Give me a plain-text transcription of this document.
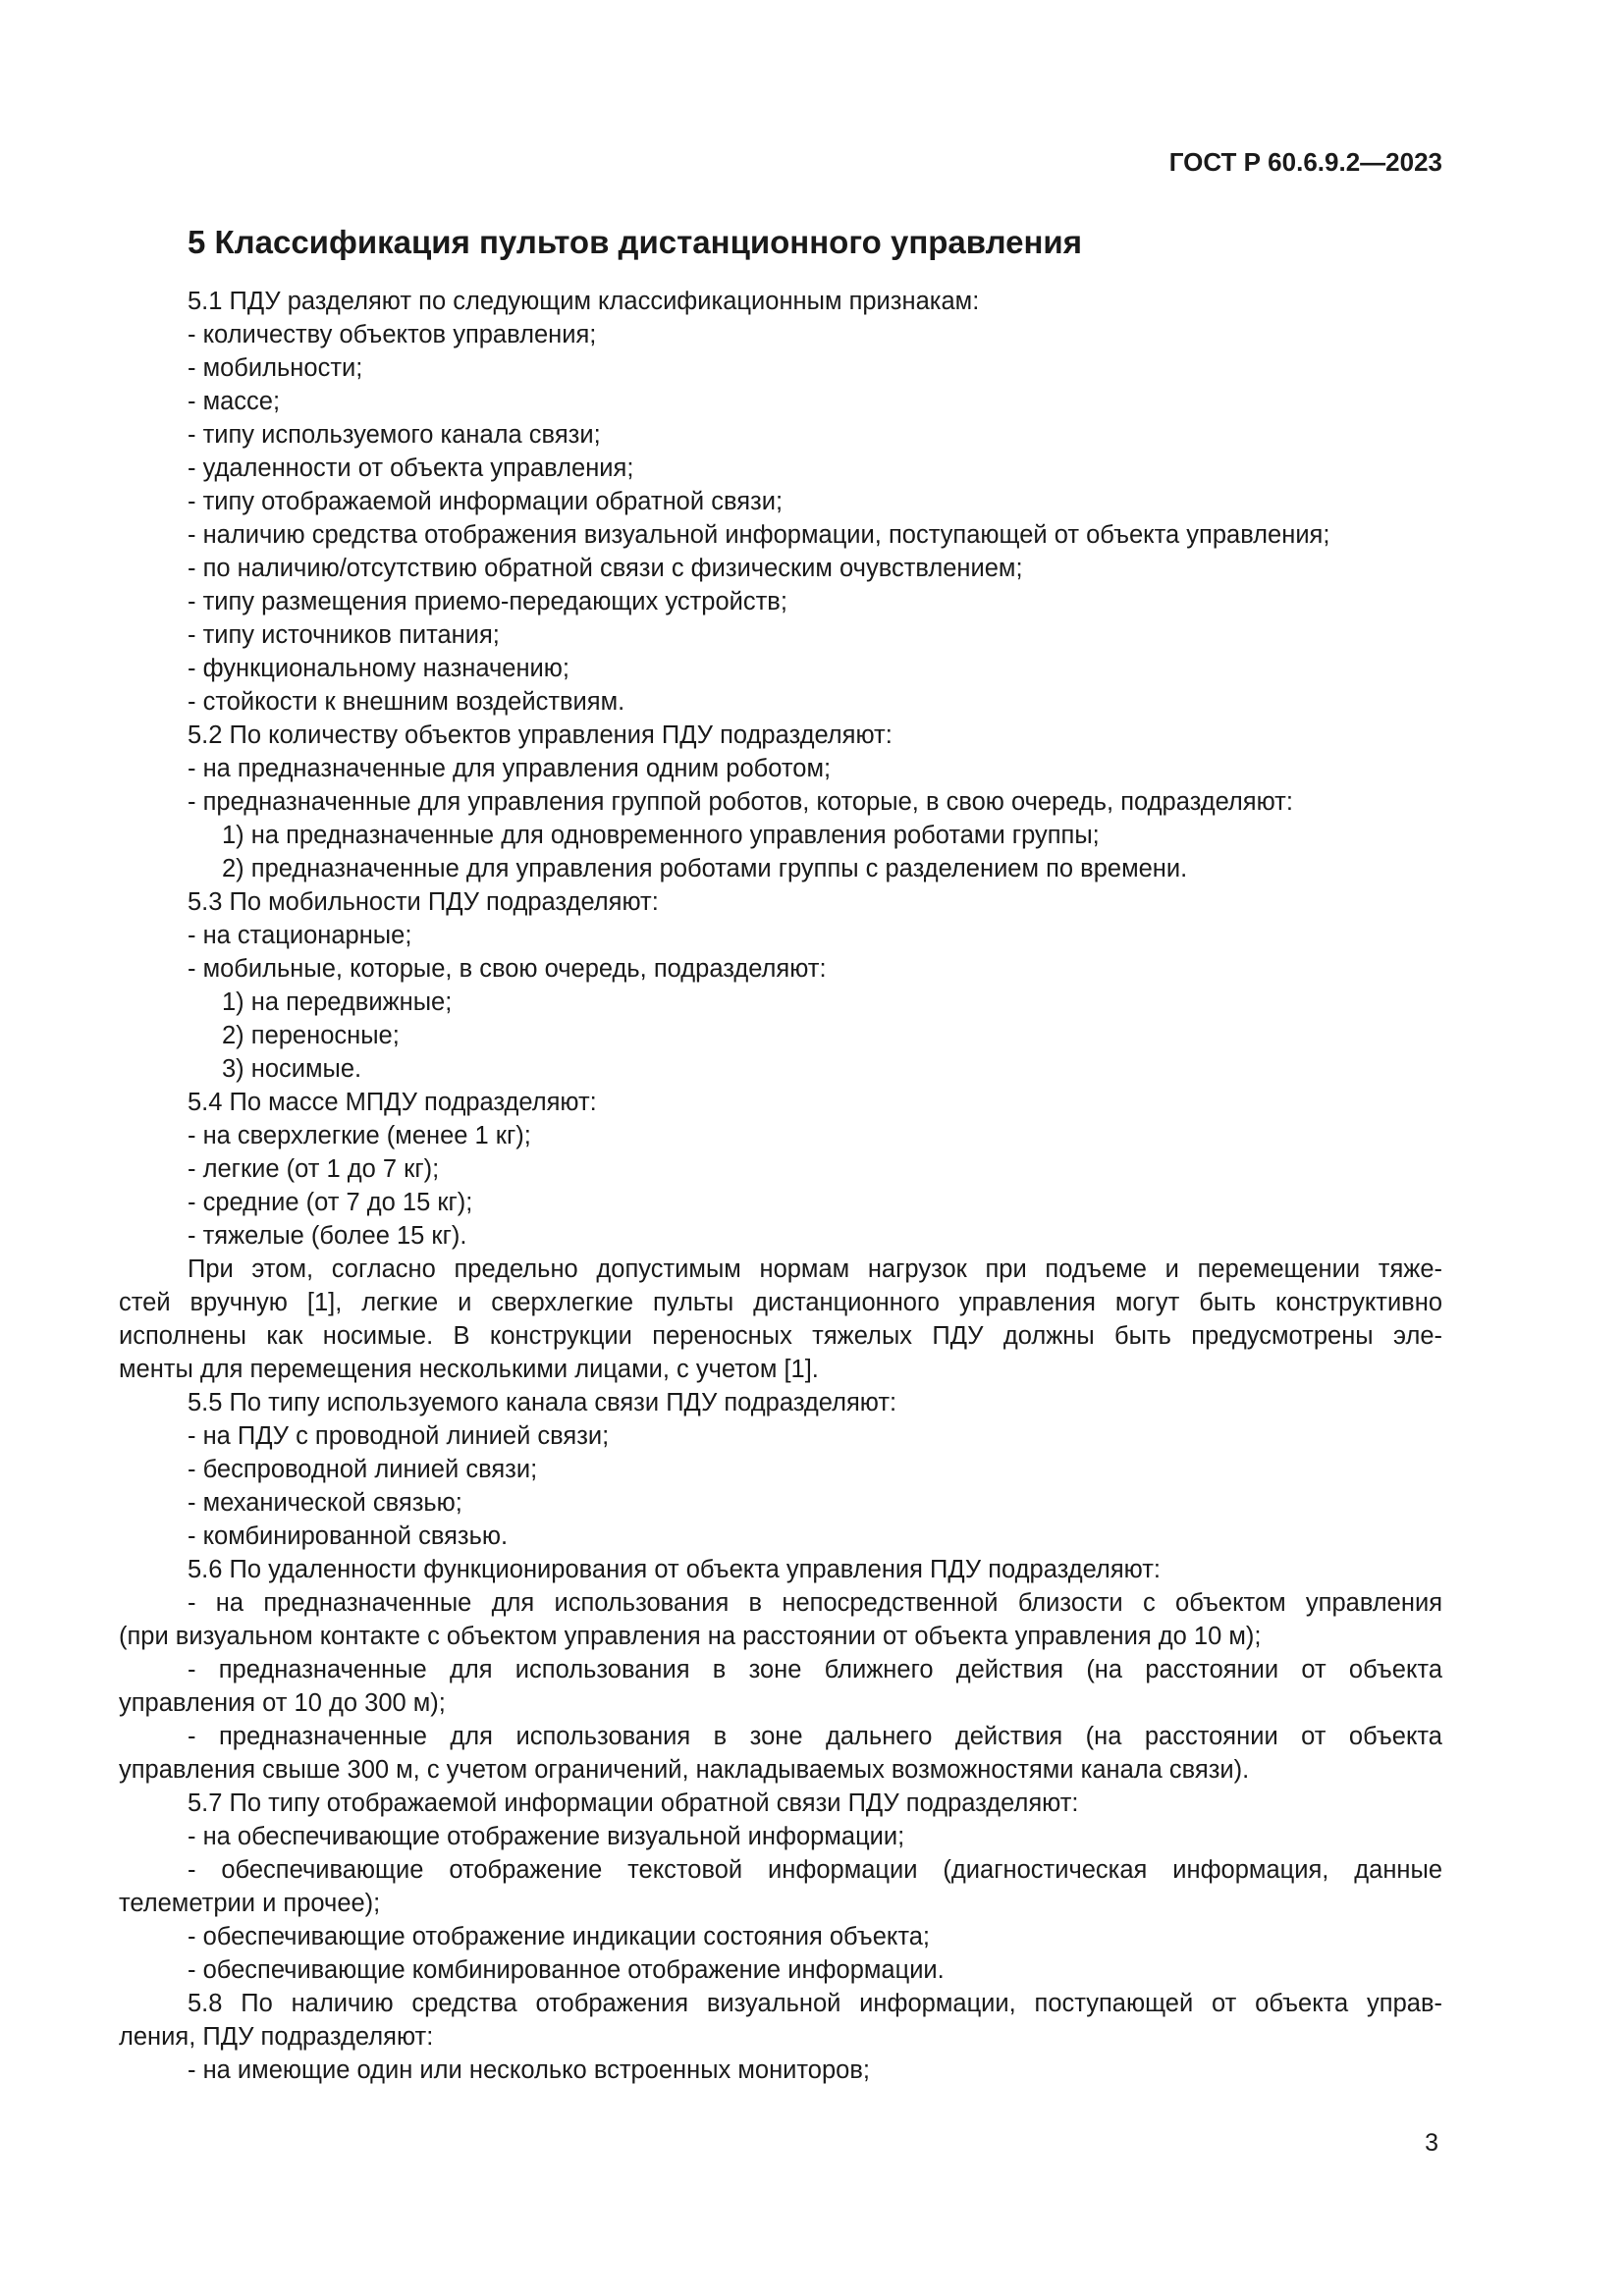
ГОСТ Р 60.6.9.2—2023
5 Классификация пультов дистанционного управления
5.1 ПДУ разделяют по следующим классификационным признакам:
- количеству объектов управления;
- мобильности;
- массе;
- типу используемого канала связи;
- удаленности от объекта управления;
- типу отображаемой информации обратной связи;
- наличию средства отображения визуальной информации, поступающей от объекта управления;
- по наличию/отсутствию обратной связи с физическим очувствлением;
- типу размещения приемо-передающих устройств;
- типу источников питания;
- функциональному назначению;
- стойкости к внешним воздействиям.
5.2 По количеству объектов управления ПДУ подразделяют:
- на предназначенные для управления одним роботом;
- предназначенные для управления группой роботов, которые, в свою очередь, подразделяют:
1) на предназначенные для одновременного управления роботами группы;
2) предназначенные для управления роботами группы с разделением по времени.
5.3 По мобильности ПДУ подразделяют:
- на стационарные;
- мобильные, которые, в свою очередь, подразделяют:
1) на передвижные;
2) переносные;
3) носимые.
5.4 По массе МПДУ подразделяют:
- на сверхлегкие (менее 1 кг);
- легкие (от 1 до 7 кг);
- средние (от 7 до 15 кг);
- тяжелые (более 15 кг).
При этом, согласно предельно допустимым нормам нагрузок при подъеме и перемещении тяже-
стей вручную [1], легкие и сверхлегкие пульты дистанционного управления могут быть конструктивно
исполнены как носимые. В конструкции переносных тяжелых ПДУ должны быть предусмотрены эле-
менты для перемещения несколькими лицами, с учетом [1].
5.5 По типу используемого канала связи ПДУ подразделяют:
- на ПДУ с проводной линией связи;
- беспроводной линией связи;
- механической связью;
- комбинированной связью.
5.6 По удаленности функционирования от объекта управления ПДУ подразделяют:
- на предназначенные для использования в непосредственной близости с объектом управления
(при визуальном контакте с объектом управления на расстоянии от объекта управления до 10 м);
- предназначенные для использования в зоне ближнего действия (на расстоянии от объекта
управления от 10 до 300 м);
- предназначенные для использования в зоне дальнего действия (на расстоянии от объекта
управления свыше 300 м, с учетом ограничений, накладываемых возможностями канала связи).
5.7 По типу отображаемой информации обратной связи ПДУ подразделяют:
- на обеспечивающие отображение визуальной информации;
- обеспечивающие отображение текстовой информации (диагностическая информация, данные
телеметрии и прочее);
- обеспечивающие отображение индикации состояния объекта;
- обеспечивающие комбинированное отображение информации.
5.8 По наличию средства отображения визуальной информации, поступающей от объекта управ-
ления, ПДУ подразделяют:
- на имеющие один или несколько встроенных мониторов;
3
